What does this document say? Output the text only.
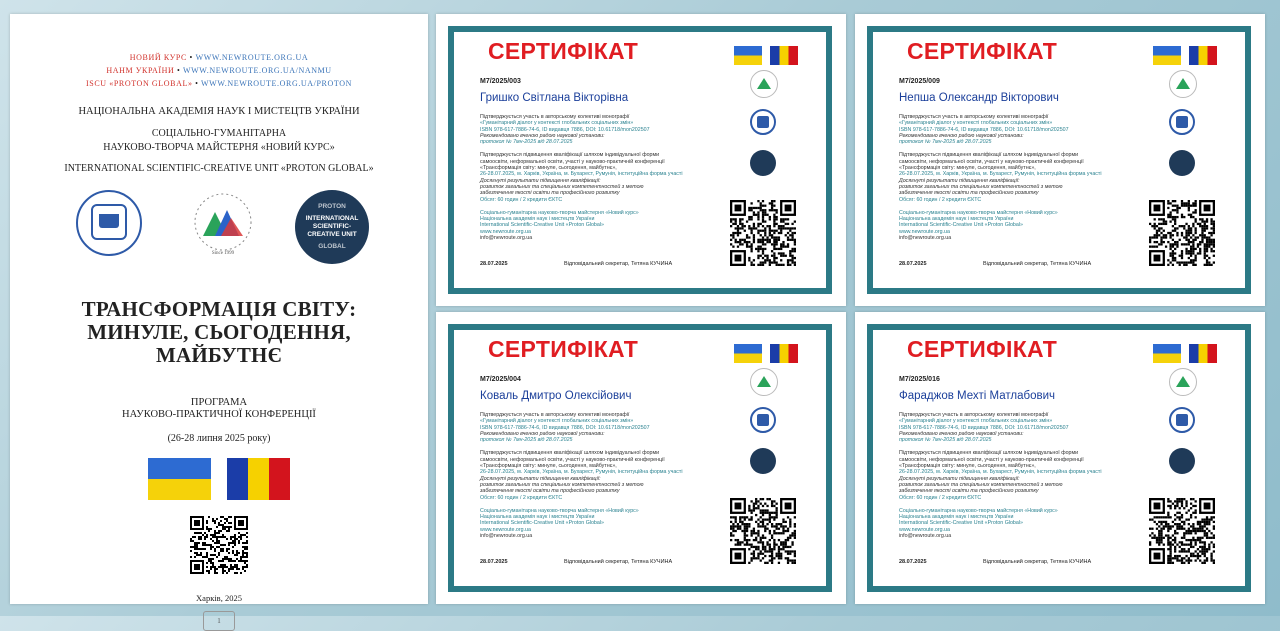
НОВИЙ КУРС • WWW.NEWROUTE.ORG.UA
НАНМ УКРАЇНИ • WWW.NEWROUTE.ORG.UA/NANMU
ISCU «PROTON GLOBAL» • WWW.NEWROUTE.ORG.UA/PROTON
НАЦІОНАЛЬНА АКАДЕМІЯ НАУК І МИСТЕЦТВ УКРАЇНИ
СОЦІАЛЬНО-ГУМАНІТАРНА
НАУКОВО-ТВОРЧА МАЙСТЕРНЯ «НОВИЙ КУРС»
INTERNATIONAL SCIENTIFIC-CREATIVE UNIT «PROTON GLOBAL»
Since 1999
PROTON
INTERNATIONAL
SCIENTIFIC-
CREATIVE UNIT
GLOBAL
ТРАНСФОРМАЦІЯ СВІТУ:
МИНУЛЕ, СЬОГОДЕННЯ,
МАЙБУТНЄ
ПРОГРАМА
НАУКОВО-ПРАКТИЧНОЇ КОНФЕРЕНЦІЇ
(26-28 липня 2025 року)
Харків, 2025
1
СЕРТИФІКАТ
M7/2025/003
Гришко Світлана Вікторівна
Підтверджується участь в авторському колективі монографії
«Гуманітарний діалог у контексті глобальних соціальних змін»
ISBN 978-617-7886-74-6, ID видавця 7886, DOI: 10.61718/mon202507
Рекомендовано вченою радою наукової установи:
протокол № 7мн-2025 від 28.07.2025
Підтверджується підвищення кваліфікації шляхом індивідуальної форми
самоосвіти, неформальної освіти, участі у науково-практичній конференції
«Трансформація світу: минуле, сьогодення, майбутнє»,
26-28.07.2025, м. Харків, Україна, м. Бухарест, Румунія, інституційна форма участі
Досягнуті результати підвищення кваліфікації:
розвиток загальних та спеціальних компетентностей з метою
забезпечення якості освіти та професійного розвитку
Обсяг: 60 годин / 2 кредити ЄКТС
Соціально-гуманітарна науково-творча майстерня «Новий курс»
Національна академія наук і мистецтв України
International Scientific-Creative Unit «Proton Global»
www.newroute.org.ua
info@newroute.org.ua
28.07.2025	Відповідальний секретар, Тетяна КУЧИНА
СЕРТИФІКАТ
M7/2025/009
Непша Олександр Вікторович
Підтверджується участь в авторському колективі монографії
«Гуманітарний діалог у контексті глобальних соціальних змін»
ISBN 978-617-7886-74-6, ID видавця 7886, DOI: 10.61718/mon202507
Рекомендовано вченою радою наукової установи:
протокол № 7мн-2025 від 28.07.2025
Підтверджується підвищення кваліфікації шляхом індивідуальної форми
самоосвіти, неформальної освіти, участі у науково-практичній конференції
«Трансформація світу: минуле, сьогодення, майбутнє»,
26-28.07.2025, м. Харків, Україна, м. Бухарест, Румунія, інституційна форма участі
Досягнуті результати підвищення кваліфікації:
розвиток загальних та спеціальних компетентностей з метою
забезпечення якості освіти та професійного розвитку
Обсяг: 60 годин / 2 кредити ЄКТС
Соціально-гуманітарна науково-творча майстерня «Новий курс»
Національна академія наук і мистецтв України
International Scientific-Creative Unit «Proton Global»
www.newroute.org.ua
info@newroute.org.ua
28.07.2025	Відповідальний секретар, Тетяна КУЧИНА
СЕРТИФІКАТ
M7/2025/004
Коваль Дмитро Олексійович
Підтверджується участь в авторському колективі монографії
«Гуманітарний діалог у контексті глобальних соціальних змін»
ISBN 978-617-7886-74-6, ID видавця 7886, DOI: 10.61718/mon202507
Рекомендовано вченою радою наукової установи:
протокол № 7мн-2025 від 28.07.2025
Підтверджується підвищення кваліфікації шляхом індивідуальної форми
самоосвіти, неформальної освіти, участі у науково-практичній конференції
«Трансформація світу: минуле, сьогодення, майбутнє»,
26-28.07.2025, м. Харків, Україна, м. Бухарест, Румунія, інституційна форма участі
Досягнуті результати підвищення кваліфікації:
розвиток загальних та спеціальних компетентностей з метою
забезпечення якості освіти та професійного розвитку
Обсяг: 60 годин / 2 кредити ЄКТС
Соціально-гуманітарна науково-творча майстерня «Новий курс»
Національна академія наук і мистецтв України
International Scientific-Creative Unit «Proton Global»
www.newroute.org.ua
info@newroute.org.ua
28.07.2025	Відповідальний секретар, Тетяна КУЧИНА
СЕРТИФІКАТ
M7/2025/016
Фараджов Мехті Матлабович
Підтверджується участь в авторському колективі монографії
«Гуманітарний діалог у контексті глобальних соціальних змін»
ISBN 978-617-7886-74-6, ID видавця 7886, DOI: 10.61718/mon202507
Рекомендовано вченою радою наукової установи:
протокол № 7мн-2025 від 28.07.2025
Підтверджується підвищення кваліфікації шляхом індивідуальної форми
самоосвіти, неформальної освіти, участі у науково-практичній конференції
«Трансформація світу: минуле, сьогодення, майбутнє»,
26-28.07.2025, м. Харків, Україна, м. Бухарест, Румунія, інституційна форма участі
Досягнуті результати підвищення кваліфікації:
розвиток загальних та спеціальних компетентностей з метою
забезпечення якості освіти та професійного розвитку
Обсяг: 60 годин / 2 кредити ЄКТС
Соціально-гуманітарна науково-творча майстерня «Новий курс»
Національна академія наук і мистецтв України
International Scientific-Creative Unit «Proton Global»
www.newroute.org.ua
info@newroute.org.ua
28.07.2025	Відповідальний секретар, Тетяна КУЧИНА
